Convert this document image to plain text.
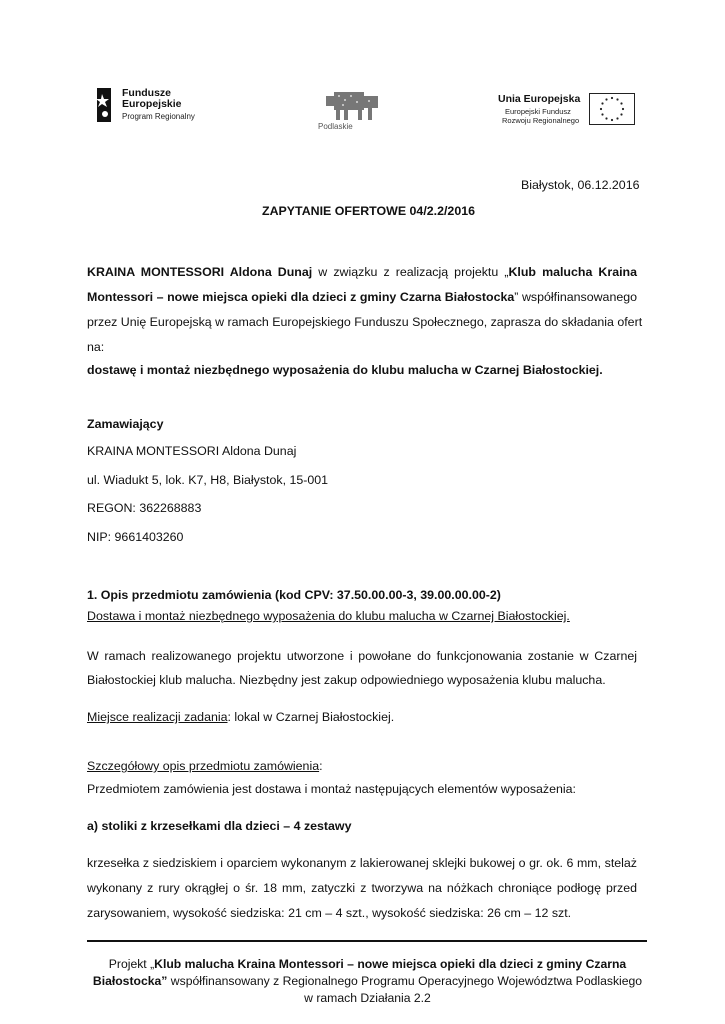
Fundusze
Europejskie
Program Regionalny
Podlaskie
Unia Europejska
Europejski Fundusz
Rozwoju Regionalnego
Białystok, 06.12.2016
ZAPYTANIE OFERTOWE 04/2.2/2016
KRAINA MONTESSORI Aldona Dunaj w związku z realizacją projektu „Klub malucha Kraina
Montessori – nowe miejsca opieki dla dzieci z gminy Czarna Białostocka” współfinansowanego
przez Unię Europejską w ramach Europejskiego Funduszu Społecznego, zaprasza do składania ofert
na:
dostawę i montaż niezbędnego wyposażenia do klubu malucha w Czarnej Białostockiej.
Zamawiający
KRAINA MONTESSORI Aldona Dunaj
ul. Wiadukt 5, lok. K7, H8, Białystok, 15-001
REGON: 362268883
NIP: 9661403260
1. Opis przedmiotu zamówienia (kod CPV: 37.50.00.00-3, 39.00.00.00-2)
Dostawa i montaż niezbędnego wyposażenia do klubu malucha w Czarnej Białostockiej.
W ramach realizowanego projektu utworzone i powołane do funkcjonowania zostanie w Czarnej
Białostockiej klub malucha. Niezbędny jest zakup odpowiedniego wyposażenia klubu malucha.
Miejsce realizacji zadania: lokal w Czarnej Białostockiej.
Szczegółowy opis przedmiotu zamówienia:
Przedmiotem zamówienia jest dostawa i montaż następujących elementów wyposażenia:
a) stoliki z krzesełkami dla dzieci – 4 zestawy
krzesełka z siedziskiem i oparciem wykonanym z lakierowanej sklejki bukowej o gr. ok. 6 mm, stelaż
wykonany z rury okrągłej o śr. 18 mm, zatyczki z tworzywa na nóżkach chroniące podłogę przed
zarysowaniem, wysokość siedziska: 21 cm – 4 szt., wysokość siedziska: 26 cm – 12 szt.
Projekt „Klub malucha Kraina Montessori – nowe miejsca opieki dla dzieci z gminy Czarna
Białostocka” współfinansowany z Regionalnego Programu Operacyjnego Województwa Podlaskiego
w ramach Działania 2.2
